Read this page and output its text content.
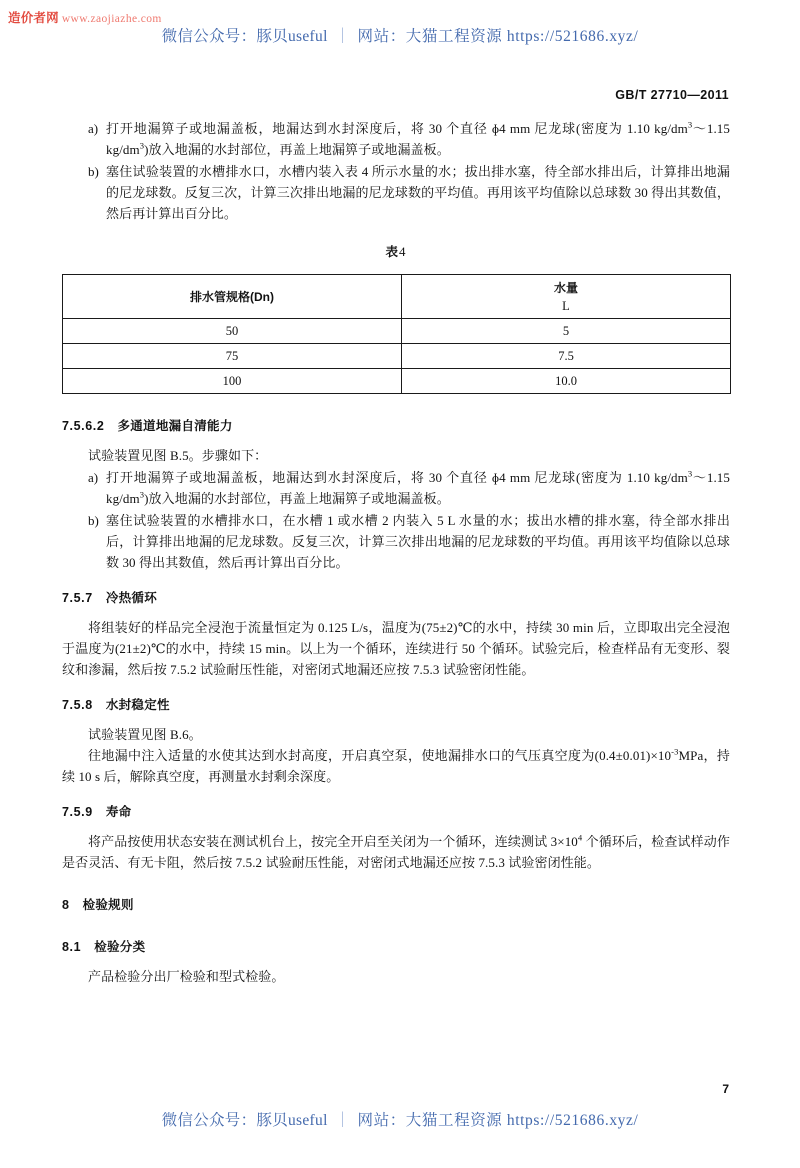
造价者网 www.zaojiazhe.com
微信公众号：豚贝useful ｜ 网站：大猫工程资源 https://521686.xyz/
GB/T 27710—2011
a) 打开地漏箅子或地漏盖板，地漏达到水封深度后，将 30 个直径 ɸ4 mm 尼龙球(密度为 1.10 $kg/dm^3\sim 1.15$ $kg/dm^3$)放入地漏的水封部位，再盖上地漏箅子或地漏盖板。
b) 塞住试验装置的水槽排水口，水槽内装入表 4 所示水量的水；拔出排水塞，待全部水排出后，计算排出地漏的尼龙球数。反复三次，计算三次排出地漏的尼龙球数的平均值。再用该平均值除以总球数 30 得出其数值，然后再计算出百分比。

表4

排水管规格(Dn)	水量
L

50	5
75	7.5
100	10.0

7.5.6.2 多通道地漏自清能力

试验装置见图 B.5。步骤如下：

a) 打开地漏箅子或地漏盖板，地漏达到水封深度后，将 30 个直径 ɸ4 mm 尼龙球(密度为 1.10 $kg/dm^3\sim 1.15$ $kg/dm^3$)放入地漏的水封部位，再盖上地漏箅子或地漏盖板。
b) 塞住试验装置的水槽排水口，在水槽 1 或水槽 2 内装入 5 L 水量的水；拔出水槽的排水塞，待全部水排出后，计算排出地漏的尼龙球数。反复三次，计算三次排出地漏的尼龙球数的平均值。再用该平均值除以总球数 30 得出其数值，然后再计算出百分比。

7.5.7 冷热循环

将组装好的样品完全浸泡于流量恒定为 0.125 L/s，温度为(75±2)℃的水中，持续 30 min 后，立即取出完全浸泡于温度为(21±2)℃的水中，持续 15 min。以上为一个循环，连续进行 50 个循环。试验完后，检查样品有无变形、裂纹和渗漏，然后按 7.5.2 试验耐压性能，对密闭式地漏还应按 7.5.3 试验密闭性能。

7.5.8 水封稳定性

试验装置见图 B.6。

往地漏中注入适量的水使其达到水封高度，开启真空泵，使地漏排水口的气压真空度为$(0.4\pm 0.01)\times 10^{-3}MPa$，持续 10 s 后，解除真空度，再测量水封剩余深度。

7.5.9 寿命

将产品按使用状态安装在测试机台上，按完全开启至关闭为一个循环，连续测试 $3\times 10^4$ 个循环后，检查试样动作是否灵活、有无卡阻，然后按 7.5.2 试验耐压性能，对密闭式地漏还应按 7.5.3 试验密闭性能。

8 检验规则

8.1 检验分类

产品检验分出厂检验和型式检验。

7
微信公众号：豚贝useful ｜ 网站：大猫工程资源 https://521686.xyz/
